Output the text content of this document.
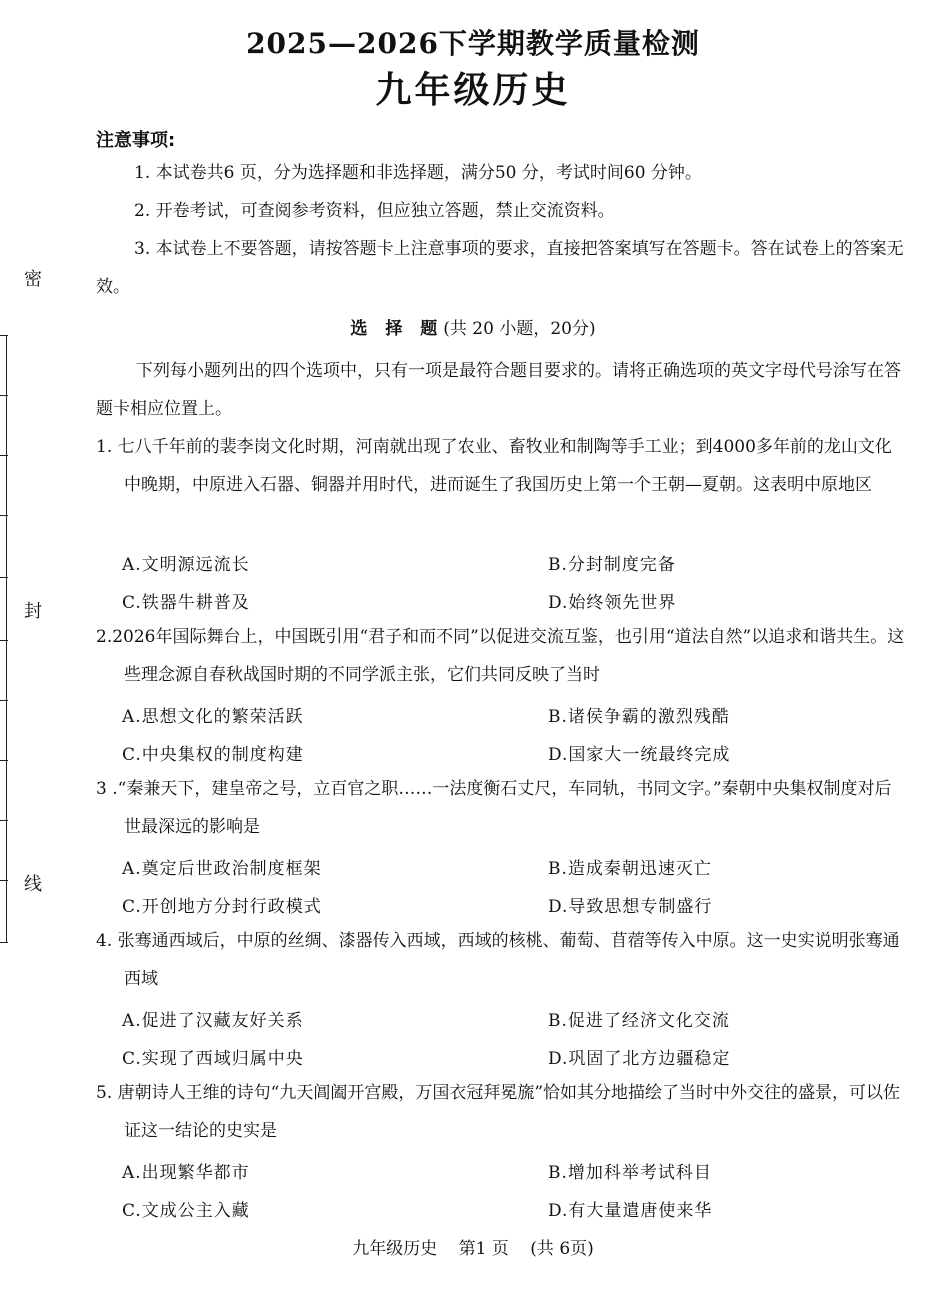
密
封
线
2025—2026下学期教学质量检测
九年级历史
注意事项:
1. 本试卷共6 页，分为选择题和非选择题，满分50 分，考试时间60 分钟。
2. 开卷考试，可查阅参考资料，但应独立答题，禁止交流资料。
3. 本试卷上不要答题，请按答题卡上注意事项的要求，直接把答案填写在答题卡。答在试卷上的答案无效。
选 择 题(共 20 小题，20分)
下列每小题列出的四个选项中，只有一项是最符合题目要求的。请将正确选项的英文字母代号涂写在答题卡相应位置上。
1. 七八千年前的裴李岗文化时期，河南就出现了农业、畜牧业和制陶等手工业；到4000多年前的龙山文化中晚期，中原进入石器、铜器并用时代，进而诞生了我国历史上第一个王朝—夏朝。这表明中原地区
A.文明源远流长	B.分封制度完备
C.铁器牛耕普及	D.始终领先世界
2.2026年国际舞台上，中国既引用“君子和而不同”以促进交流互鉴，也引用“道法自然”以追求和谐共生。这些理念源自春秋战国时期的不同学派主张，它们共同反映了当时
A.思想文化的繁荣活跃	B.诸侯争霸的激烈残酷
C.中央集权的制度构建	D.国家大一统最终完成
3 .“秦兼天下，建皇帝之号，立百官之职……一法度衡石丈尺，车同轨，书同文字。”秦朝中央集权制度对后世最深远的影响是
A.奠定后世政治制度框架	B.造成秦朝迅速灭亡
C.开创地方分封行政模式	D.导致思想专制盛行
4. 张骞通西域后，中原的丝绸、漆器传入西域，西域的核桃、葡萄、苜蓿等传入中原。这一史实说明张骞通西域
A.促进了汉藏友好关系	B.促进了经济文化交流
C.实现了西域归属中央	D.巩固了北方边疆稳定
5. 唐朝诗人王维的诗句“九天阊阖开宫殿，万国衣冠拜冕旒”恰如其分地描绘了当时中外交往的盛景，可以佐证这一结论的史实是
A.出现繁华都市	B.增加科举考试科目
C.文成公主入藏	D.有大量遣唐使来华
九年级历史 第1 页 (共 6页)
